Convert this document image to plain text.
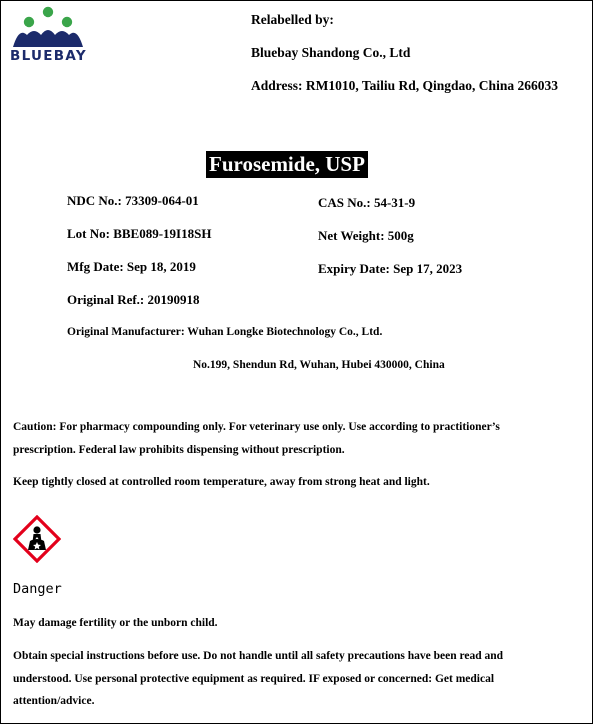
BLUEBAY
Relabelled by:
Bluebay Shandong Co., Ltd
Address: RM1010, Tailiu Rd, Qingdao, China 266033
Furosemide, USP
NDC No.: 73309-064-01	CAS No.: 54-31-9
Lot No: BBE089-19I18SH	Net Weight: 500g
Mfg Date: Sep 18, 2019	Expiry Date: Sep 17, 2023
Original Ref.: 20190918
Original Manufacturer: Wuhan Longke Biotechnology Co., Ltd.
No.199, Shendun Rd, Wuhan, Hubei 430000, China
Caution: For pharmacy compounding only. For veterinary use only. Use according to practitioner’s
prescription. Federal law prohibits dispensing without prescription.
Keep tightly closed at controlled room temperature, away from strong heat and light.
Danger
May damage fertility or the unborn child.
Obtain special instructions before use. Do not handle until all safety precautions have been read and
understood. Use personal protective equipment as required. IF exposed or concerned: Get medical
attention/advice.
